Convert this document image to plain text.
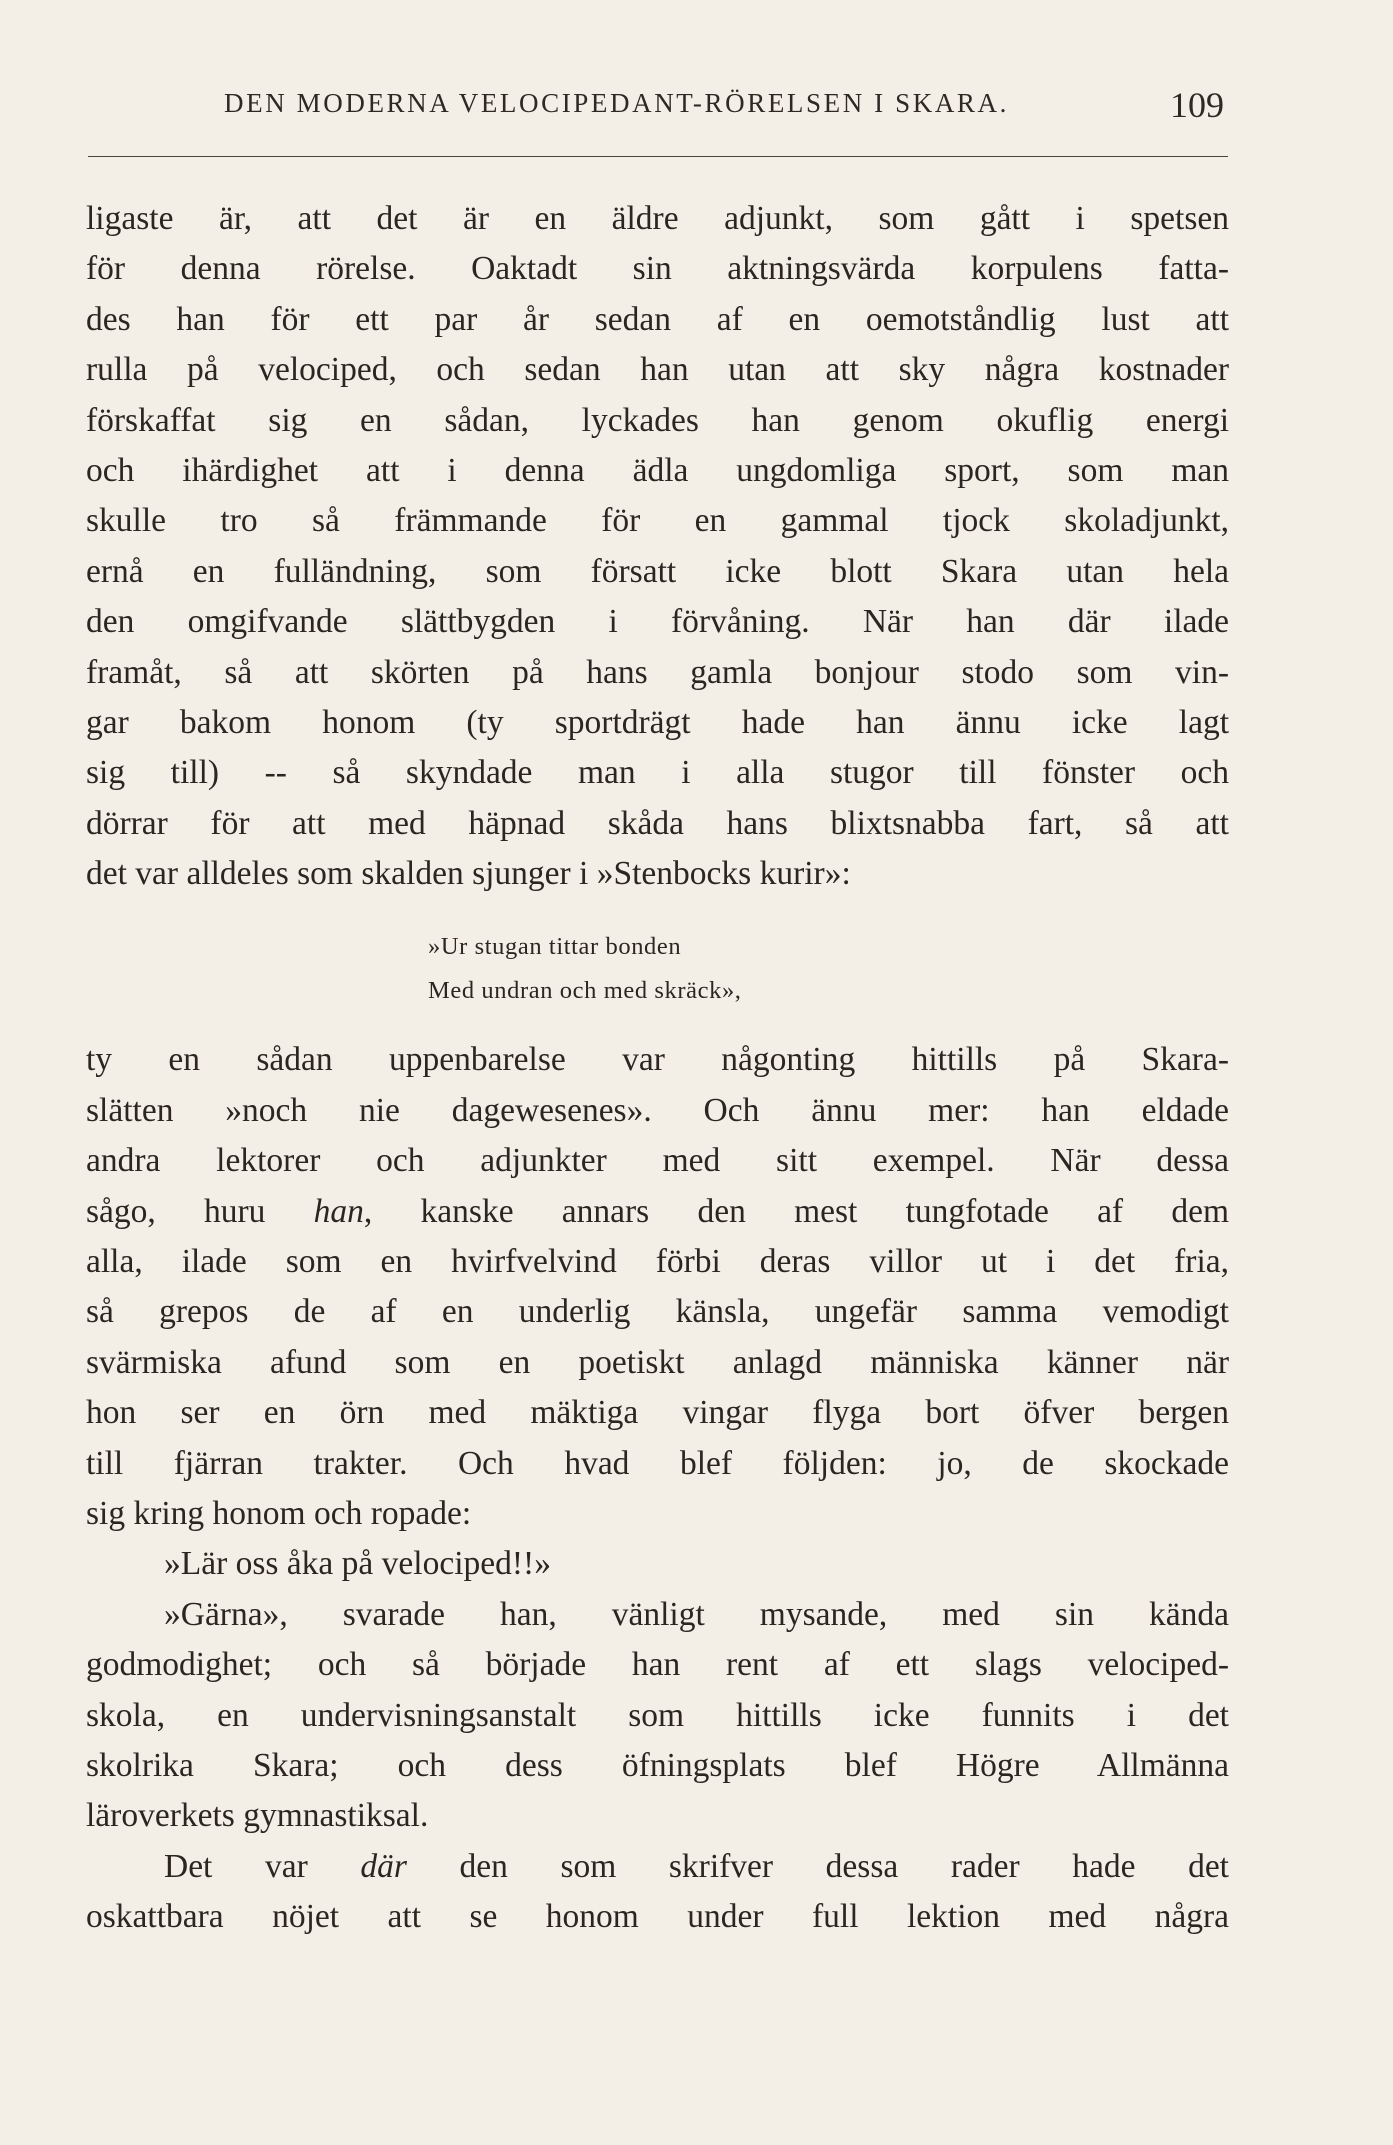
DEN MODERNA VELOCIPEDANT-RÖRELSEN I SKARA.	109
ligaste är, att det är en äldre adjunkt, som gått i spetsen
för denna rörelse. Oaktadt sin aktningsvärda korpulens fatta-
des han för ett par år sedan af en oemotståndlig lust att
rulla på velociped, och sedan han utan att sky några kostnader
förskaffat sig en sådan, lyckades han genom okuflig energi
och ihärdighet att i denna ädla ungdomliga sport, som man
skulle tro så främmande för en gammal tjock skoladjunkt,
ernå en fulländning, som försatt icke blott Skara utan hela
den omgifvande slättbygden i förvåning. När han där ilade
framåt, så att skörten på hans gamla bonjour stodo som vin-
gar bakom honom (ty sportdrägt hade han ännu icke lagt
sig till) -- så skyndade man i alla stugor till fönster och
dörrar för att med häpnad skåda hans blixtsnabba fart, så att
det var alldeles som skalden sjunger i »Stenbocks kurir»:
»Ur stugan tittar bonden
Med undran och med skräck»,
ty en sådan uppenbarelse var någonting hittills på Skara-
slätten »noch nie dagewesenes». Och ännu mer: han eldade
andra lektorer och adjunkter med sitt exempel. När dessa
sågo, huru han, kanske annars den mest tungfotade af dem
alla, ilade som en hvirfvelvind förbi deras villor ut i det fria,
så grepos de af en underlig känsla, ungefär samma vemodigt
svärmiska afund som en poetiskt anlagd människa känner när
hon ser en örn med mäktiga vingar flyga bort öfver bergen
till fjärran trakter. Och hvad blef följden: jo, de skockade
sig kring honom och ropade:
»Lär oss åka på velociped!!»
»Gärna», svarade han, vänligt mysande, med sin kända
godmodighet; och så började han rent af ett slags velociped-
skola, en undervisningsanstalt som hittills icke funnits i det
skolrika Skara; och dess öfningsplats blef Högre Allmänna
läroverkets gymnastiksal.
Det var där den som skrifver dessa rader hade det
oskattbara nöjet att se honom under full lektion med några
